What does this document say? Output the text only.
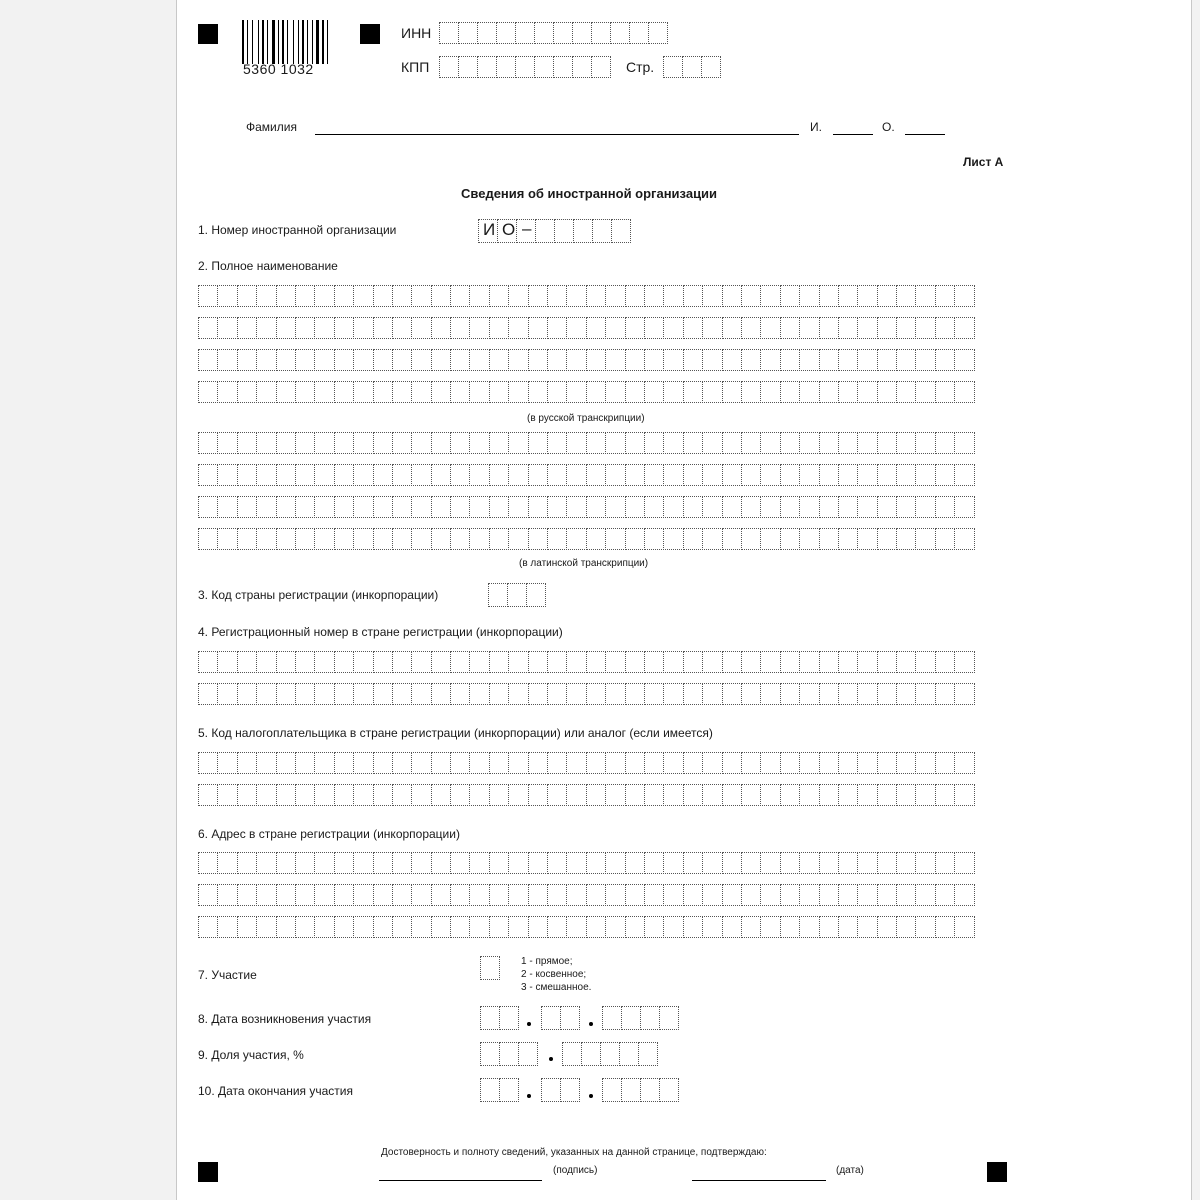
5360 1032
ИНН
КПП	Стр.
Фамилия	И.	О.
Лист А
Сведения об иностранной организации
1. Номер иностранной организации	И О –
2. Полное наименование
(в русской транскрипции)
(в латинской транскрипции)
3. Код страны регистрации (инкорпорации)
4. Регистрационный номер в стране регистрации (инкорпорации)
5. Код налогоплательщика в стране регистрации (инкорпорации) или аналог (если имеется)
6. Адрес в стране регистрации (инкорпорации)
7. Участие
1 - прямое;
2 - косвенное;
3 - смешанное.
8. Дата возникновения участия
9. Доля участия, %
10. Дата окончания участия
Достоверность и полноту сведений, указанных на данной странице, подтверждаю:
(подпись)	(дата)
